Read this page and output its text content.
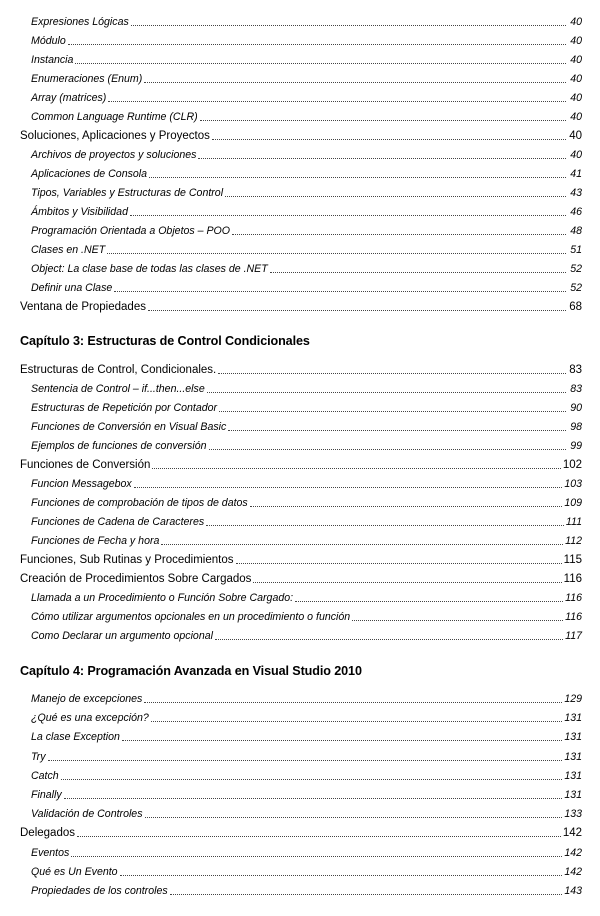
Expresiones Lógicas	40
Módulo	40
Instancia	40
Enumeraciones (Enum)	40
Array (matrices)	40
Common Language Runtime (CLR)	40
Soluciones, Aplicaciones y Proyectos	40
Archivos de proyectos y soluciones	40
Aplicaciones de Consola	41
Tipos, Variables y Estructuras de Control	43
Ámbitos y Visibilidad	46
Programación Orientada a Objetos – POO	48
Clases en .NET	51
Object: La clase base de todas las clases de .NET	52
Definir una Clase	52
Ventana de Propiedades	68
Capítulo 3: Estructuras de Control Condicionales
Estructuras de Control, Condicionales.	83
Sentencia de Control – if...then...else	83
Estructuras de Repetición por Contador	90
Funciones de Conversión en Visual Basic	98
Ejemplos de funciones de conversión	99
Funciones de Conversión	102
Funcion Messagebox	103
Funciones de comprobación de tipos de datos	109
Funciones de Cadena de Caracteres	111
Funciones de Fecha y hora	112
Funciones, Sub Rutinas y Procedimientos	115
Creación de Procedimientos Sobre Cargados	116
Llamada a un Procedimiento o Función Sobre Cargado:	116
Cómo utilizar argumentos opcionales en un procedimiento o función	116
Como Declarar un argumento opcional	117
Capítulo 4: Programación Avanzada en Visual Studio 2010
Manejo de excepciones	129
¿Qué es una excepción?	131
La clase Exception	131
Try	131
Catch	131
Finally	131
Validación de Controles	133
Delegados	142
Eventos	142
Qué es Un Evento	142
Propiedades de los controles	143
